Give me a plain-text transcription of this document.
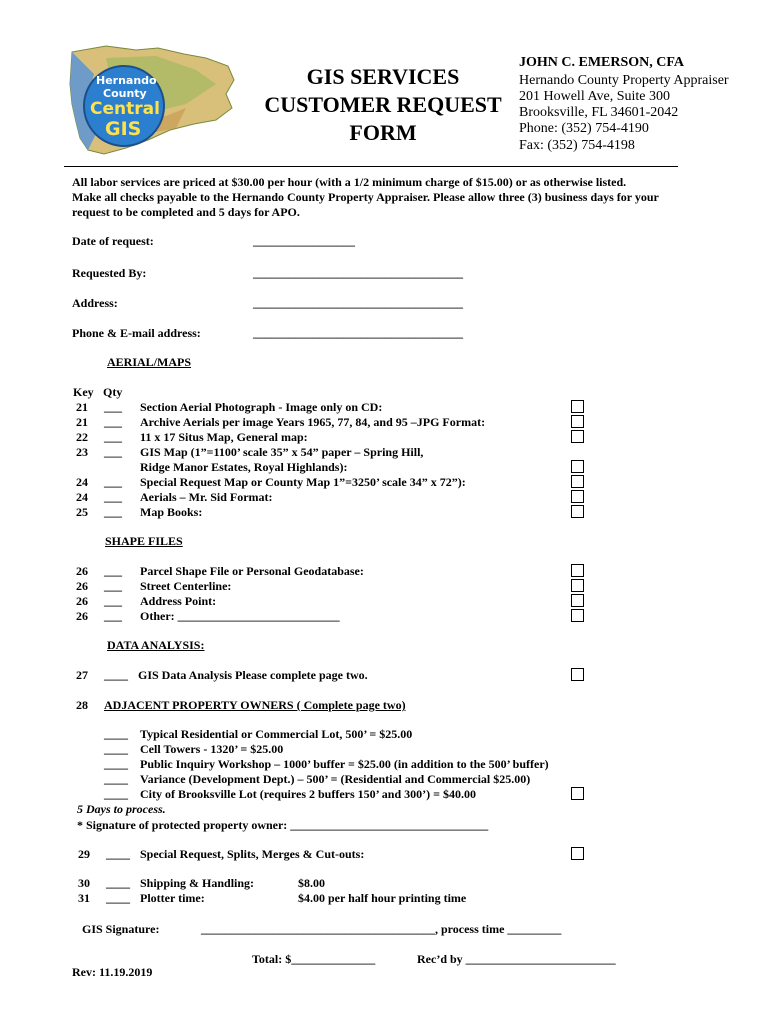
Hernando
County
Central
GIS
GIS SERVICES
CUSTOMER REQUEST
FORM
JOHN C. EMERSON, CFA
Hernando County Property Appraiser
201 Howell Ave, Suite 300
Brooksville, FL 34601-2042
Phone: (352) 754-4190
Fax: (352) 754-4198
All labor services are priced at $30.00 per hour (with a 1/2 minimum charge of $15.00) or as otherwise listed.
Make all checks payable to the Hernando County Property Appraiser. Please allow three (3) business days for your
request to be completed and 5 days for APO.
Date of request:	_________________
Requested By:	___________________________________
Address:	___________________________________
Phone & E-mail address:	___________________________________
AERIAL/MAPS
Key Qty
21 ___ Section Aerial Photograph - Image only on CD:
21 ___ Archive Aerials per image Years 1965, 77, 84, and 95 –JPG Format:
22 ___ 11 x 17 Situs Map, General map:
23 ___ GIS Map (1”=1100’ scale 35” x 54” paper – Spring Hill,
Ridge Manor Estates, Royal Highlands):
24 ___ Special Request Map or County Map 1”=3250’ scale 34” x 72”):
24 ___ Aerials – Mr. Sid Format:
25 ___ Map Books:
SHAPE FILES
26 ___ Parcel Shape File or Personal Geodatabase:
26 ___ Street Centerline:
26 ___ Address Point:
26 ___ Other: ___________________________
DATA ANALYSIS:
27 ____ GIS Data Analysis Please complete page two.
28 ADJACENT PROPERTY OWNERS ( Complete page two)
____ Typical Residential or Commercial Lot, 500’ = $25.00
____ Cell Towers - 1320’ = $25.00
____ Public Inquiry Workshop – 1000’ buffer = $25.00 (in addition to the 500’ buffer)
____ Variance (Development Dept.) – 500’ = (Residential and Commercial $25.00)
____ City of Brooksville Lot (requires 2 buffers 150’ and 300’) = $40.00
5 Days to process.
* Signature of protected property owner: _________________________________
29 ____ Special Request, Splits, Merges & Cut-outs:
30 ____ Shipping & Handling:	$8.00
31 ____ Plotter time:	$4.00 per half hour printing time
GIS Signature:	_______________________________________, process time _________
Total: $______________	Rec’d by _________________________
Rev: 11.19.2019
